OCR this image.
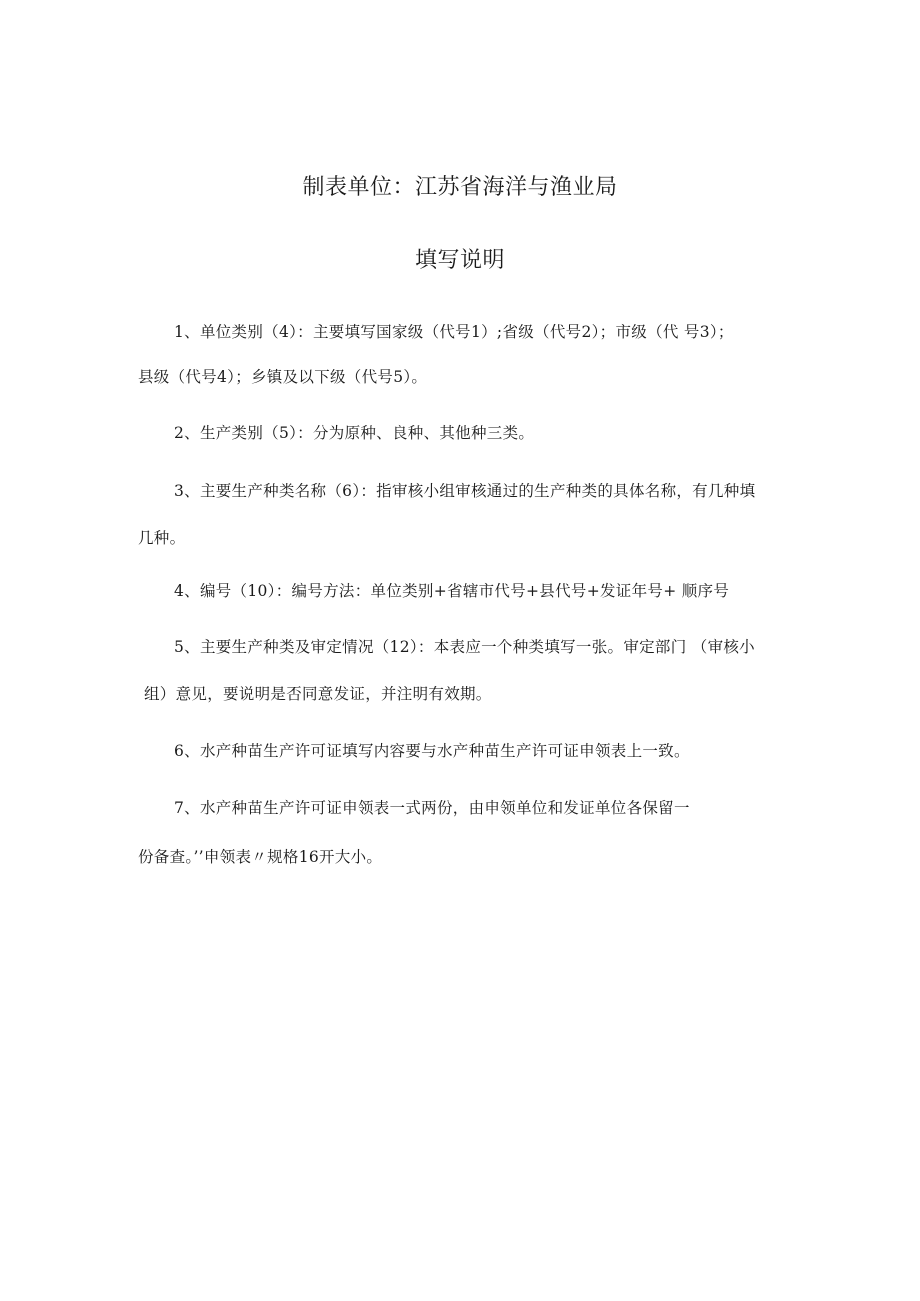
制表单位：江苏省海洋与渔业局
填写说明
1、单位类别（4）：主要填写国家级（代号1）;省级（代号2）；市级（代 号3）；
县级（代号4）；乡镇及以下级（代号5）。
2、生产类别（5）：分为原种、良种、其他种三类。
3、主要生产种类名称（6）：指审核小组审核通过的生产种类的具体名称，有几种填
几种。
4、编号（10）：编号方法：单位类别+省辖市代号+县代号+发证年号+ 顺序号
5、主要生产种类及审定情况（12）：本表应一个种类填写一张。审定部门 （审核小
组）意见，要说明是否同意发证，并注明有效期。
6、水产种苗生产许可证填写内容要与水产种苗生产许可证申领表上一致。
7、水产种苗生产许可证申领表一式两份，由申领单位和发证单位各保留一
份备查。’’申领表〃规格16开大小。
